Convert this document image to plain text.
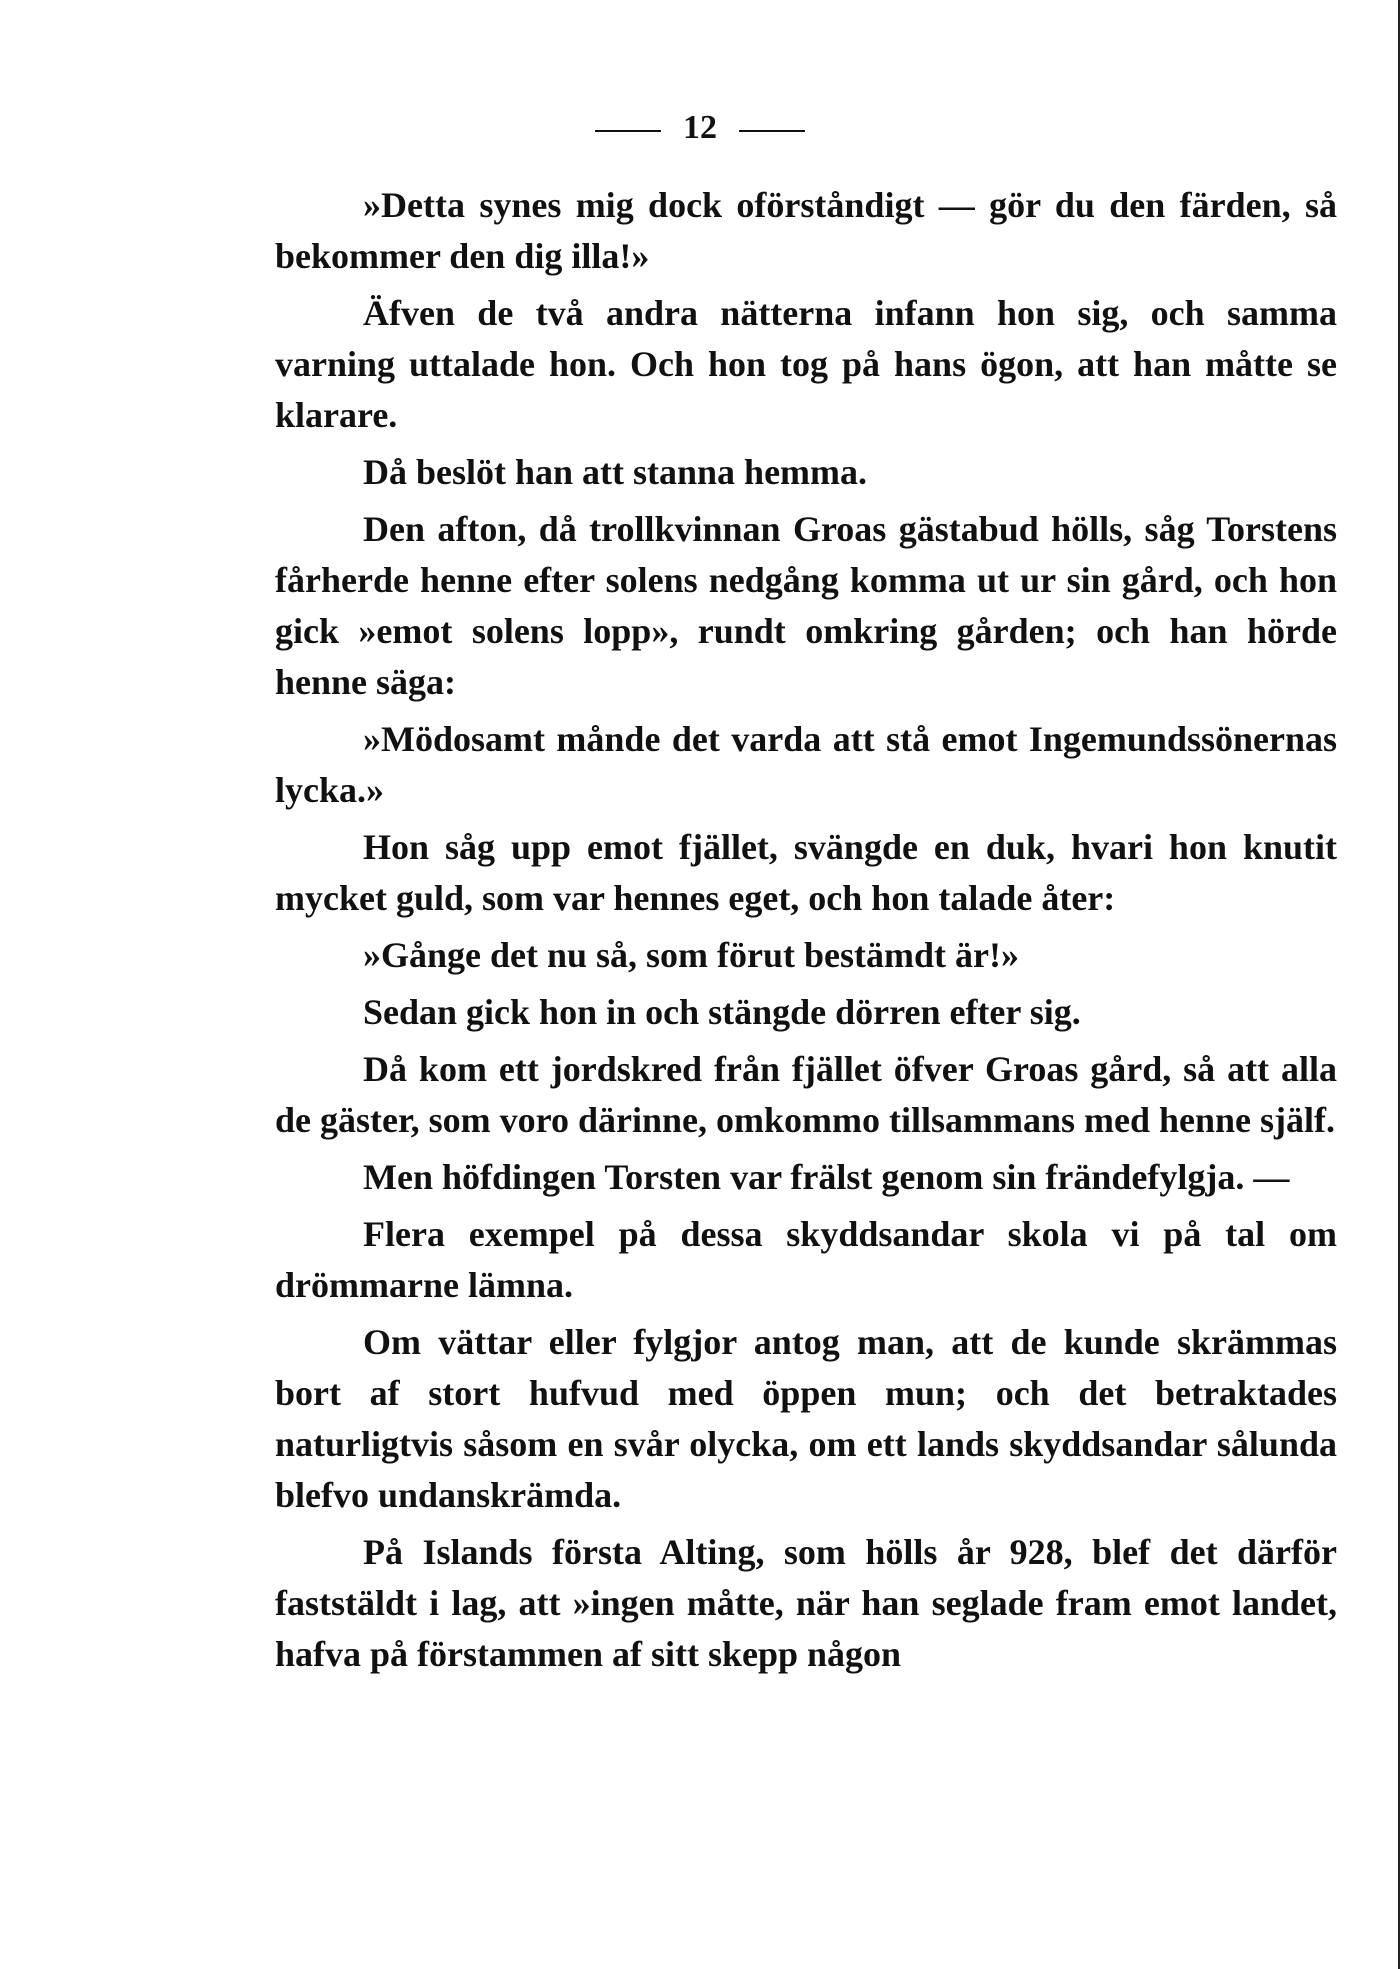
12

»Detta synes mig dock oförståndigt — gör du den färden, så bekommer den dig illa!»

Äfven de två andra nätterna infann hon sig, och samma varning uttalade hon. Och hon tog på hans ögon, att han måtte se klarare.

Då beslöt han att stanna hemma.

Den afton, då trollkvinnan Groas gästabud hölls, såg Torstens fårherde henne efter solens nedgång komma ut ur sin gård, och hon gick »emot solens lopp», rundt omkring gården; och han hörde henne säga:

»Mödosamt månde det varda att stå emot Ingemundssönernas lycka.»

Hon såg upp emot fjället, svängde en duk, hvari hon knutit mycket guld, som var hennes eget, och hon talade åter:

»Gånge det nu så, som förut bestämdt är!»

Sedan gick hon in och stängde dörren efter sig.

Då kom ett jordskred från fjället öfver Groas gård, så att alla de gäster, som voro därinne, omkommo tillsammans med henne själf.

Men höfdingen Torsten var frälst genom sin frändefylgja. —

Flera exempel på dessa skyddsandar skola vi på tal om drömmarne lämna.

Om vättar eller fylgjor antog man, att de kunde skrämmas bort af stort hufvud med öppen mun; och det betraktades naturligtvis såsom en svår olycka, om ett lands skyddsandar sålunda blefvo undanskrämda.

På Islands första Alting, som hölls år 928, blef det därför faststäldt i lag, att »ingen måtte, när han seglade fram emot landet, hafva på förstammen af sitt skepp någon
